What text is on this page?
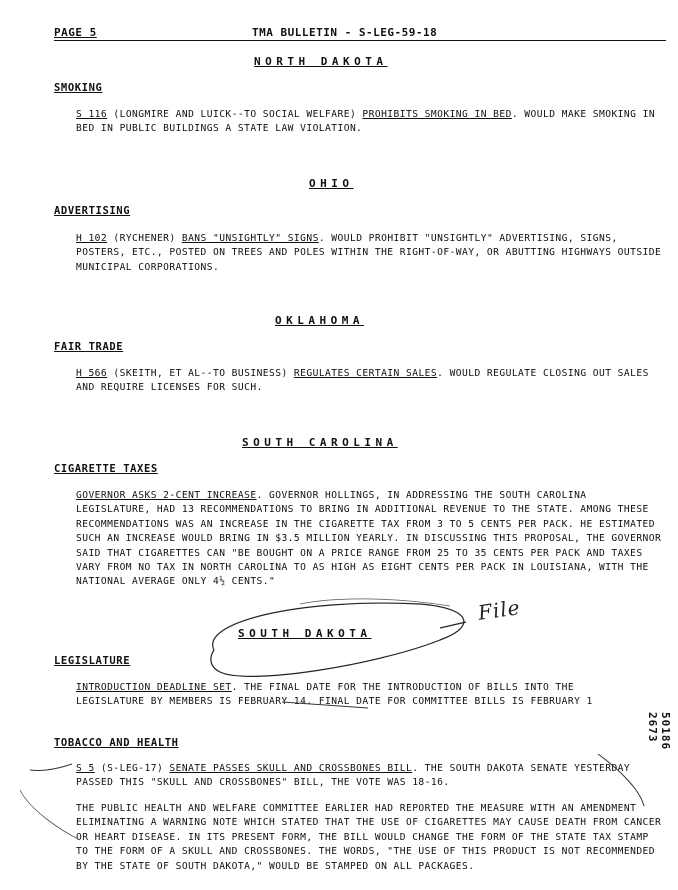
PAGE 5	TMA BULLETIN - S-LEG-59-18
NORTH DAKOTA
SMOKING
S 116 (LONGMIRE AND LUICK--TO SOCIAL WELFARE) PROHIBITS SMOKING IN BED. WOULD MAKE SMOKING IN BED IN PUBLIC BUILDINGS A STATE LAW VIOLATION.
OHIO
ADVERTISING
H 102 (RYCHENER) BANS "UNSIGHTLY" SIGNS. WOULD PROHIBIT "UNSIGHTLY" ADVERTISING, SIGNS, POSTERS, ETC., POSTED ON TREES AND POLES WITHIN THE RIGHT-OF-WAY, OR ABUTTING HIGHWAYS OUTSIDE MUNICIPAL CORPORATIONS.
OKLAHOMA
FAIR TRADE
H 566 (SKEITH, ET AL--TO BUSINESS) REGULATES CERTAIN SALES. WOULD REGULATE CLOSING OUT SALES AND REQUIRE LICENSES FOR SUCH.
SOUTH CAROLINA
CIGARETTE TAXES
GOVERNOR ASKS 2-CENT INCREASE. GOVERNOR HOLLINGS, IN ADDRESSING THE SOUTH CAROLINA LEGISLATURE, HAD 13 RECOMMENDATIONS TO BRING IN ADDITIONAL REVENUE TO THE STATE. AMONG THESE RECOMMENDATIONS WAS AN INCREASE IN THE CIGARETTE TAX FROM 3 TO 5 CENTS PER PACK. HE ESTIMATED SUCH AN INCREASE WOULD BRING IN $3.5 MILLION YEARLY. IN DISCUSSING THIS PROPOSAL, THE GOVERNOR SAID THAT CIGARETTES CAN "BE BOUGHT ON A PRICE RANGE FROM 25 TO 35 CENTS PER PACK AND TAXES VARY FROM NO TAX IN NORTH CAROLINA TO AS HIGH AS EIGHT CENTS PER PACK IN LOUISIANA, WITH THE NATIONAL AVERAGE ONLY 4½ CENTS."
SOUTH DAKOTA
LEGISLATURE
INTRODUCTION DEADLINE SET. THE FINAL DATE FOR THE INTRODUCTION OF BILLS INTO THE LEGISLATURE BY MEMBERS IS FEBRUARY 14. FINAL DATE FOR COMMITTEE BILLS IS FEBRUARY 1
TOBACCO AND HEALTH
S 5 (S-LEG-17) SENATE PASSES SKULL AND CROSSBONES BILL. THE SOUTH DAKOTA SENATE YESTERDAY PASSED THIS "SKULL AND CROSSBONES" BILL, THE VOTE WAS 18-16.
THE PUBLIC HEALTH AND WELFARE COMMITTEE EARLIER HAD REPORTED THE MEASURE WITH AN AMENDMENT ELIMINATING A WARNING NOTE WHICH STATED THAT THE USE OF CIGARETTES MAY CAUSE DEATH FROM CANCER OR HEART DISEASE. IN ITS PRESENT FORM, THE BILL WOULD CHANGE THE FORM OF THE STATE TAX STAMP TO THE FORM OF A SKULL AND CROSSBONES. THE WORDS, "THE USE OF THIS PRODUCT IS NOT RECOMMENDED BY THE STATE OF SOUTH DAKOTA," WOULD BE STAMPED ON ALL PACKAGES.
50186
2673
File
